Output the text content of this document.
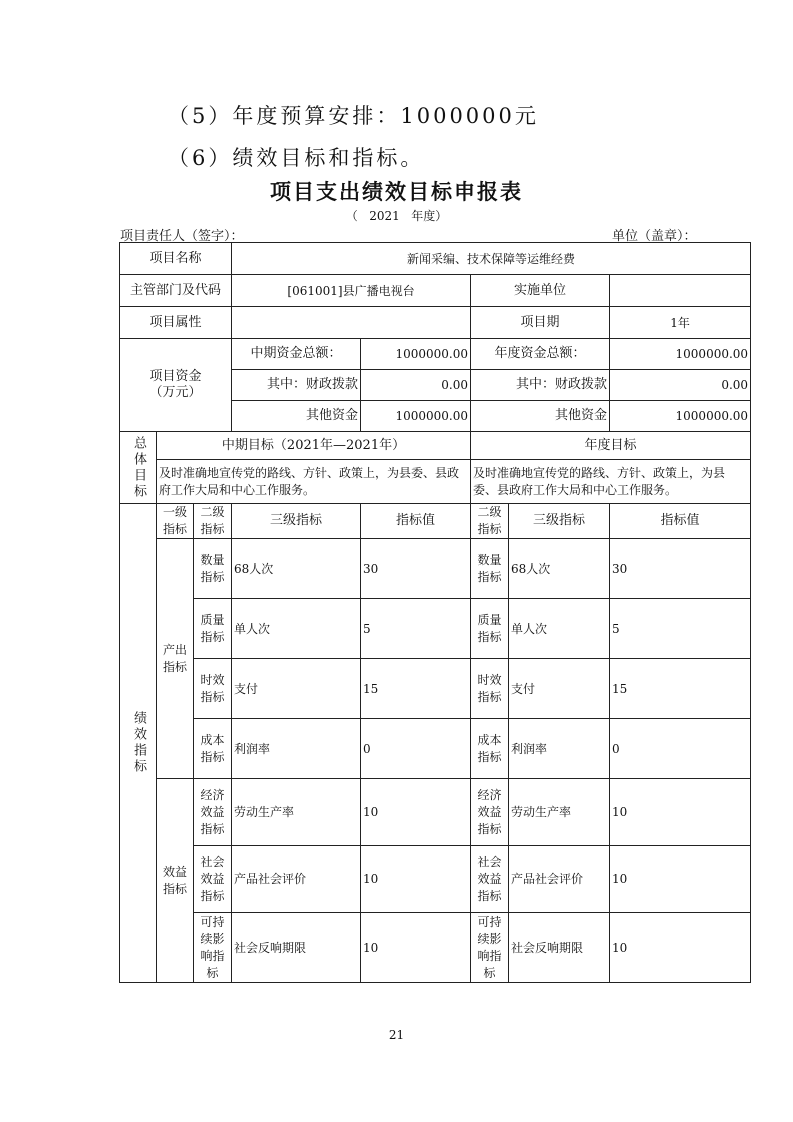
（5）年度预算安排：1000000元
（6）绩效目标和指标。
项目支出绩效目标申报表
（   2021   年度）
项目责任人（签字）：	单位（盖章）：
项目名称			新闻采编、技术保障等运维经费				
主管部门及代码			[061001]县广播电视台		实施单位		
项目属性					项目期		1年
项目资金
（万元）			中期资金总额：	1000000.00	年度资金总额：		1000000.00
			其中：财政拨款	0.00	其中：财政拨款		0.00
			其他资金	1000000.00	其他资金		1000000.00

总体目标	中期目标（2021年—2021年）				年度目标		
	及时准确地宣传党的路线、方针、政策上，为县委、县政府工作大局和中心工作服务。				及时准确地宣传党的路线、方针、政策上，为县委、县政府工作大局和中心工作服务。		

绩效指标	一级指标	二级指标	三级指标	指标值	二级指标	三级指标	指标值
	产出指标	数量指标	68人次	30	数量指标	68人次	30
		质量指标	单人次	5	质量指标	单人次	5
		时效指标	支付	15	时效指标	支付	15
		成本指标	利润率	0	成本指标	利润率	0
	效益指标	经济效益指标	劳动生产率	10	经济效益指标	劳动生产率	10
		社会效益指标	产品社会评价	10	社会效益指标	产品社会评价	10
		可持续影响指标	社会反响期限	10	可持续影响指标	社会反响期限	10
21
